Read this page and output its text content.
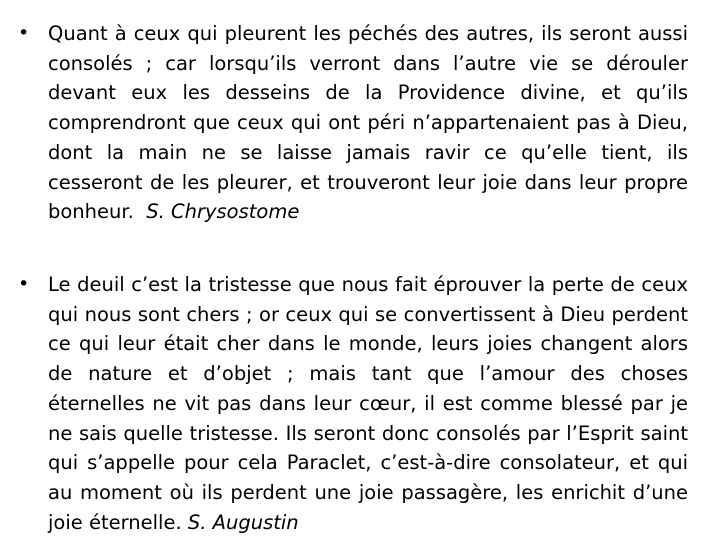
• Quant à ceux qui pleurent les péchés des autres, ils seront aussi consolés ; car lorsqu’ils verront dans l’autre vie se dérouler devant eux les desseins de la Providence divine, et qu’ils comprendront que ceux qui ont péri n’appartenaient pas à Dieu, dont la main ne se laisse jamais ravir ce qu’elle tient, ils cesseront de les pleurer, et trouveront leur joie dans leur propre bonheur. S. Chrysostome
• Le deuil c’est la tristesse que nous fait éprouver la perte de ceux qui nous sont chers ; or ceux qui se convertissent à Dieu perdent ce qui leur était cher dans le monde, leurs joies changent alors de nature et d’objet ; mais tant que l’amour des choses éternelles ne vit pas dans leur cœur, il est comme blessé par je ne sais quelle tristesse. Ils seront donc consolés par l’Esprit saint qui s’appelle pour cela Paraclet, c’est-à-dire consolateur, et qui au moment où ils perdent une joie passagère, les enrichit d’une joie éternelle. S. Augustin
